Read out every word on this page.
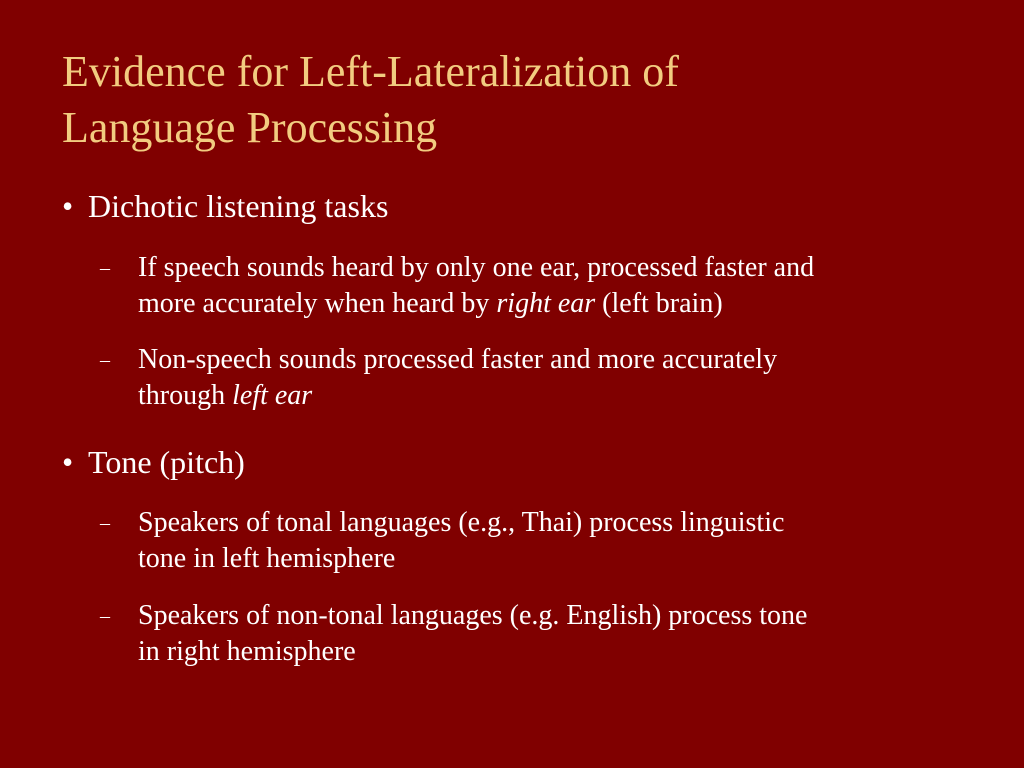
Evidence for Left-Lateralization of
Language Processing
• Dichotic listening tasks
– If speech sounds heard by only one ear, processed faster and
more accurately when heard by right ear (left brain)
– Non-speech sounds processed faster and more accurately
through left ear
• Tone (pitch)
– Speakers of tonal languages (e.g., Thai) process linguistic
tone in left hemisphere
– Speakers of non-tonal languages (e.g. English) process tone
in right hemisphere
